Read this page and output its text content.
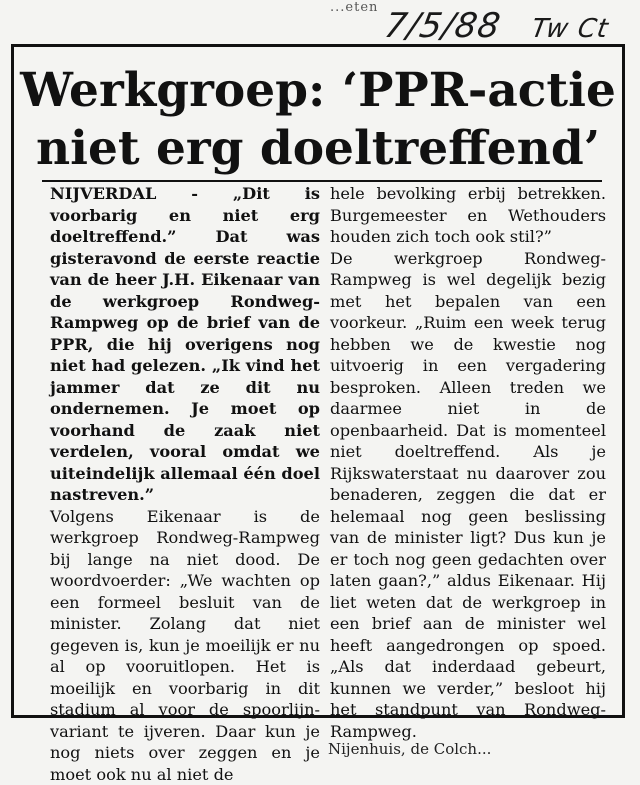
...eten 7/5/88 Tw Ct
Werkgroep: ‘PPR-actie
niet erg doeltreffend’

NIJVERDAL - „Dit is voorbarig en niet erg doeltreffend.” Dat was gisteravond de eerste reactie van de heer J.H. Eikenaar van de werkgroep Rondweg-Rampweg op de brief van de PPR, die hij overigens nog niet had gelezen. „Ik vind het jammer dat ze dit nu ondernemen. Je moet op voorhand de zaak niet verdelen, vooral omdat we uiteindelijk allemaal één doel nastreven.”

Volgens Eikenaar is de werkgroep Rondweg-Rampweg bij lange na niet dood. De woordvoerder: „We wachten op een formeel besluit van de minister. Zolang dat niet gegeven is, kun je moeilijk er nu al op vooruitlopen. Het is moeilijk en voorbarig in dit stadium al voor de spoorlijn-variant te ijveren. Daar kun je nog niets over zeggen en je moet ook nu al niet de

hele bevolking erbij betrekken. Burgemeester en Wethouders houden zich toch ook stil?”

De werkgroep Rondweg-Rampweg is wel degelijk bezig met het bepalen van een voorkeur. „Ruim een week terug hebben we de kwestie nog uitvoerig in een vergadering besproken. Alleen treden we daarmee niet in de openbaarheid. Dat is momenteel niet doeltreffend. Als je Rijkswaterstaat nu daarover zou benaderen, zeggen die dat er helemaal nog geen beslissing van de minister ligt? Dus kun je er toch nog geen gedachten over laten gaan?,” aldus Eikenaar. Hij liet weten dat de werkgroep in een brief aan de minister wel heeft aangedrongen op spoed. „Als dat inderdaad gebeurt, kunnen we verder,” besloot hij het standpunt van Rondweg-Rampweg.

Nijenhuis, de Colch...
